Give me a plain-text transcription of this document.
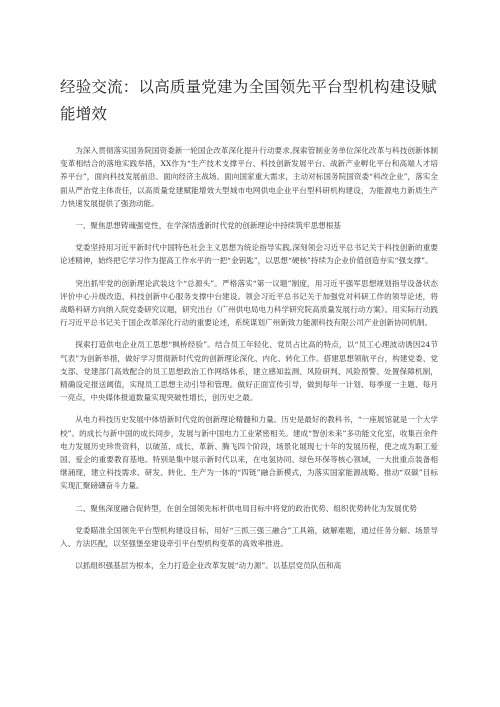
经验交流：以高质量党建为全国领先平台型机构建设赋能增效

为深入贯彻落实国务院国资委新一轮国企改革深化提升行动要求,探索管制业务单位深化改革与科技创新体制变革相结合的落地实践举措，XX作为“生产技术支撑平台、科技创新发展平台、战新产业孵化平台和高端人才培养平台”，面向科技发展前沿、面向经济主战场、面向国家重大需求，主动对标国务院国资委“科改企业”，落实全面从严治党主体责任，以高质量党建赋能增效大型城市电网供电企业平台型科研机构建设，为能源电力新质生产力快速发展提供了强劲动能。

一、聚焦思想铸魂强党性，在学深悟透新时代党的创新理论中持续筑牢思想根基

党委坚持用习近平新时代中国特色社会主义思想为统论指导实践,深刻领会习近平总书记关于科技创新的重要论述精神，始终把它学习作为提高工作水平的一把“金钥匙”，以思想“硬核”持续为企业价值创造夯实“强支撑”。

突出抓牢党的创新理论武装这个“总源头”。严格落实“第一议题”制度，用习近平强军思想规划指导设备状态评价中心升级改造、科技创新中心服务支撑中台建设。领会习近平总书记关于加强党对科研工作的领导论述，将战略科研方向纳入院党委研究议题，研究出台《广州供电局电力科学研究院高质量发展行动方案》。用实际行动践行习近平总书记关于国企改革深化行动的重要论述，系统谋划广州新致力能源科技有限公司产业创新协同机制。

探索打造供电企业员工思想“枫桥经验”。结合员工年轻化、党员占比高的特点，以“员工心理波动诱因24节气表”为创新举措，做好学习贯彻新时代党的创新理论深化、内化、转化工作。搭建思想领航平台，构建党委、党支部、党建部门高效配合的员工思想政治工作网络体系，建立感知监测、风险研判、风险预警、处置保障机制，精确设定报送阈值，实现员工思想主动引导和管理。做好正面宣传引导，做到每年一计划、每季度一主题、每月一亮点，中央媒体报道数量实现突破性增长，创历史之最。

从电力科技历史发展中体悟新时代党的创新理论精髓和力量。历史是最好的教科书，“一座展馆就是一个大学校”。的成长与新中国的成长同步，发展与新中国电力工业紧密相关。建成“智创未来”多功能文化室，收集百余件电力发展历史珍贵资料，以破茧、成长、革新、腾飞四个阶段，场景化展现七十年的发展历程，使之成为职工爱国、爱企的重要教育基地。特别是集中展示新时代以来，在电氢协同、绿色环保等核心领域，一大批重点装备相继涌现，建立科技需求、研发、转化、生产为一体的“四链”融合新模式，为落实国家能源战略、推动“双碳”目标实现汇聚磅礴奋斗力量。

二、聚焦深度融合促转型，在创全国领先标杆供电局目标中将党的政治优势、组织优势转化为发展优势

党委瞄准全国领先平台型机构建设目标，用好“三抓三强三融合”工具箱，破解难题，通过任务分解、场景导入、方法匹配，以坚强堡垒建设牵引平台型机构变革的高效率推进。

以抓组织强基层为根本，全力打造企业改革发展“动力源”。以基层党员队伍和高
